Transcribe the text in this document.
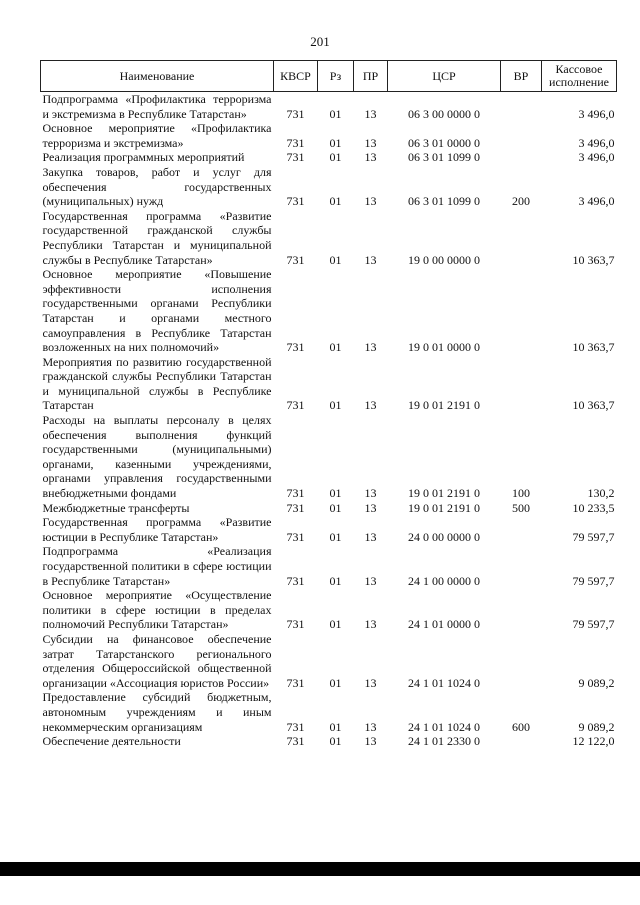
201
Наименование	КВСР	Рз	ПР	ЦСР	ВР	Кассовое исполнение
Подпрограмма «Профилактика терроризма и экстремизма в Республике Татарстан»	731	01	13	06 3 00 0000 0		3 496,0
Основное мероприятие «Профилактика терроризма и экстремизма»	731	01	13	06 3 01 0000 0		3 496,0
Реализация программных мероприятий	731	01	13	06 3 01 1099 0		3 496,0
Закупка товаров, работ и услуг для обеспечения государственных (муниципальных) нужд	731	01	13	06 3 01 1099 0	200	3 496,0
Государственная программа «Развитие государственной гражданской службы Республики Татарстан и муниципальной службы в Республике Татарстан»	731	01	13	19 0 00 0000 0		10 363,7
Основное мероприятие «Повышение эффективности исполнения государственными органами Республики Татарстан и органами местного самоуправления в Республике Татарстан возложенных на них полномочий»	731	01	13	19 0 01 0000 0		10 363,7
Мероприятия по развитию государственной гражданской службы Республики Татарстан и муниципальной службы в Республике Татарстан	731	01	13	19 0 01 2191 0		10 363,7
Расходы на выплаты персоналу в целях обеспечения выполнения функций государственными (муниципальными) органами, казенными учреждениями, органами управления государственными внебюджетными фондами	731	01	13	19 0 01 2191 0	100	130,2
Межбюджетные трансферты	731	01	13	19 0 01 2191 0	500	10 233,5
Государственная программа «Развитие юстиции в Республике Татарстан»	731	01	13	24 0 00 0000 0		79 597,7
Подпрограмма «Реализация государственной политики в сфере юстиции в Республике Татарстан»	731	01	13	24 1 00 0000 0		79 597,7
Основное мероприятие «Осуществление политики в сфере юстиции в пределах полномочий Республики Татарстан»	731	01	13	24 1 01 0000 0		79 597,7
Субсидии на финансовое обеспечение затрат Татарстанского регионального отделения Общероссийской общественной организации «Ассоциация юристов России»	731	01	13	24 1 01 1024 0		9 089,2
Предоставление субсидий бюджетным, автономным учреждениям и иным некоммерческим организациям	731	01	13	24 1 01 1024 0	600	9 089,2
Обеспечение деятельности	731	01	13	24 1 01 2330 0		12 122,0
